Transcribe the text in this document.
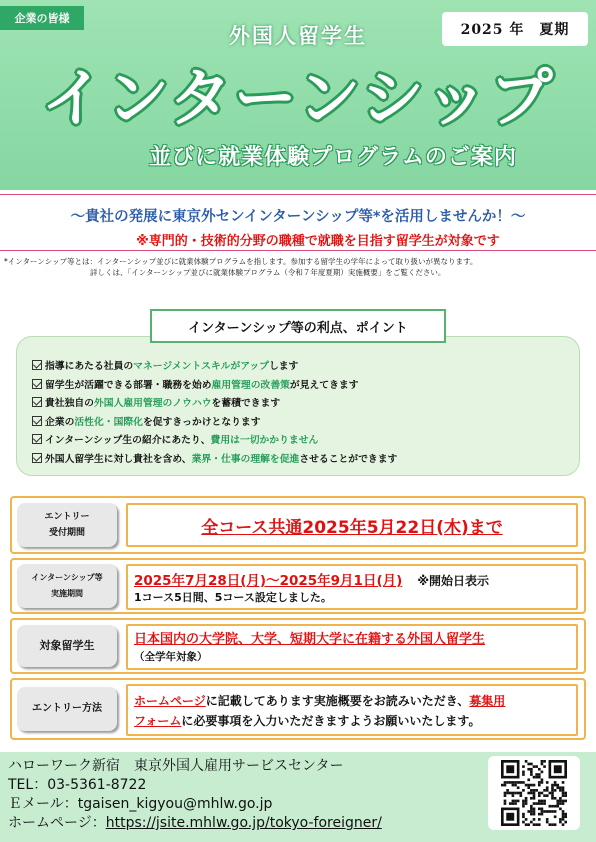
企業の皆様
2025 年　夏期
外国人留学生
インターンシップ
並びに就業体験プログラムのご案内
～貴社の発展に東京外センインターンシップ等*を活用しませんか！～
※専門的・技術的分野の職種で就職を目指す留学生が対象です
*インターンシップ等とは：インターンシップ並びに就業体験プログラムを指します。参加する留学生の学年によって取り扱いが異なります。
詳しくは、「インターンシップ並びに就業体験プログラム（令和７年度夏期）実施概要」をご覧ください。
インターンシップ等の利点、ポイント
指導にあたる社員のマネージメントスキルがアップします
留学生が活躍できる部署・職務を始め雇用管理の改善策が見えてきます
貴社独自の外国人雇用管理のノウハウを蓄積できます
企業の活性化・国際化を促すきっかけとなります
インターンシップ生の紹介にあたり、費用は一切かかりません
外国人留学生に対し貴社を含め、業界・仕事の理解を促進させることができます
エントリー
受付期間	全コース共通2025年5月22日(木)まで
インターンシップ等
実施期間
2025年7月28日(月)～2025年9月1日(月) ※開始日表示
1コース5日間、5コース設定しました。
対象留学生	日本国内の大学院、大学、短期大学に在籍する外国人留学生
（全学年対象）
エントリー方法
ホームページに記載してあります実施概要をお読みいただき、募集用
フォームに必要事項を入力いただきますようお願いいたします。
ハローワーク新宿　東京外国人雇用サービスセンター
TEL：03-5361-8722
Ｅメール：tgaisen_kigyou@mhlw.go.jp
ホームページ：https://jsite.mhlw.go.jp/tokyo-foreigner/
